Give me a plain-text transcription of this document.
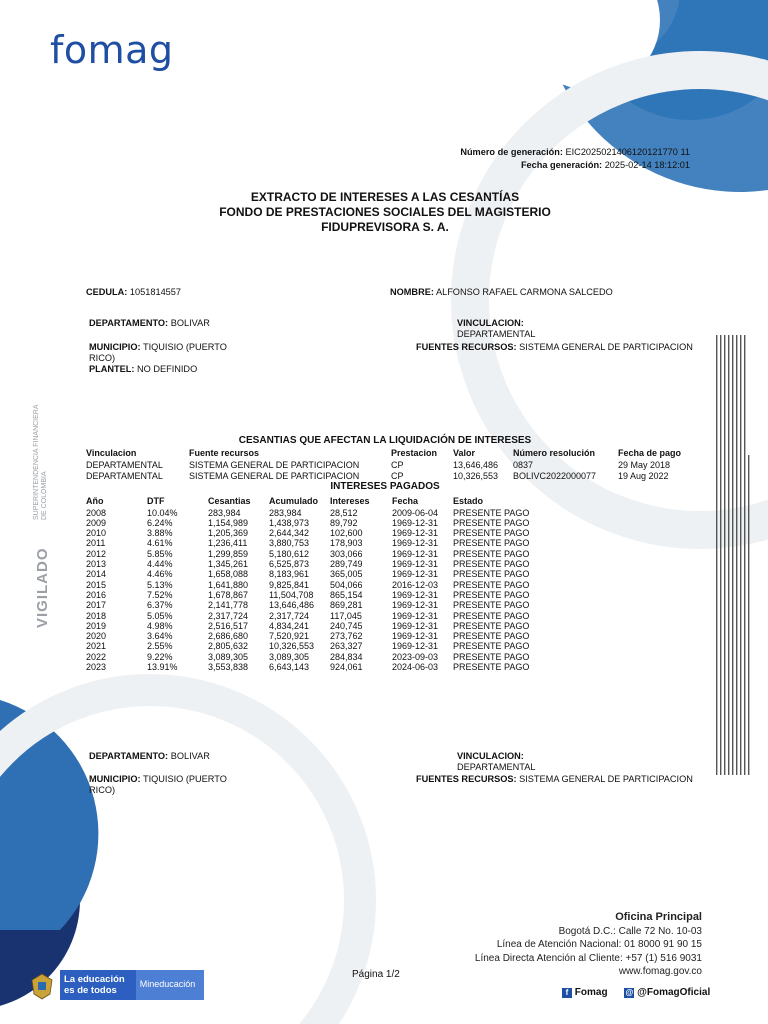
fomag
Número de generación: EIC2025021406120121770 11
Fecha generación: 2025-02-14 18:12:01
EXTRACTO DE INTERESES A LAS CESANTÍAS
FONDO DE PRESTACIONES SOCIALES DEL MAGISTERIO
FIDUPREVISORA S. A.
CEDULA: 1051814557	NOMBRE: ALFONSO RAFAEL CARMONA SALCEDO
DEPARTAMENTO: BOLIVAR	VINCULACION:
DEPARTAMENTAL
MUNICIPIO: TIQUISIO (PUERTO
RICO)
FUENTES RECURSOS: SISTEMA GENERAL DE PARTICIPACION
PLANTEL: NO DEFINIDO
CESANTIAS QUE AFECTAN LA LIQUIDACIÓN DE INTERESES
Vinculacion	Fuente recursos	Prestacion Valor	Número resolución	Fecha de pago
DEPARTAMENTAL	SISTEMA GENERAL DE PARTICIPACION	CP	13,646,486 0837	29 May 2018
DEPARTAMENTAL	SISTEMA GENERAL DE PARTICIPACION	CP	10,326,553 BOLIVC2022000077 19 Aug 2022
INTERESES PAGADOS
Año	DTF	Cesantias Acumulado Intereses Fecha	Estado
2008	10.04%	283,984	283,984	28,512	2009-06-04 PRESENTE PAGO
2009	6.24%	1,154,989 1,438,973 89,792	1969-12-31 PRESENTE PAGO
2010	3.88%	1,205,369 2,644,342 102,600	1969-12-31 PRESENTE PAGO
2011	4.61%	1,236,411 3,880,753 178,903	1969-12-31 PRESENTE PAGO
2012	5.85%	1,299,859 5,180,612 303,066	1969-12-31 PRESENTE PAGO
2013	4.44%	1,345,261 6,525,873 289,749	1969-12-31 PRESENTE PAGO
2014	4.46%	1,658,088 8,183,961 365,005	1969-12-31 PRESENTE PAGO
2015	5.13%	1,641,880 9,825,841 504,066	2016-12-03 PRESENTE PAGO
2016	7.52%	1,678,867 11,504,708 865,154	1969-12-31 PRESENTE PAGO
2017	6.37%	2,141,778 13,646,486 869,281	1969-12-31 PRESENTE PAGO
2018	5.05%	2,317,724 2,317,724 117,045	1969-12-31 PRESENTE PAGO
2019	4.98%	2,516,517 4,834,241 240,745	1969-12-31 PRESENTE PAGO
2020	3.64%	2,686,680 7,520,921 273,762	1969-12-31 PRESENTE PAGO
2021	2.55%	2,805,632 10,326,553 263,327	1969-12-31 PRESENTE PAGO
2022	9.22%	3,089,305 3,089,305 284,834	2023-09-03 PRESENTE PAGO
2023	13.91%	3,553,838 6,643,143 924,061	2024-06-03 PRESENTE PAGO
DEPARTAMENTO: BOLIVAR	VINCULACION:
DEPARTAMENTAL
MUNICIPIO: TIQUISIO (PUERTO
RICO)
FUENTES RECURSOS: SISTEMA GENERAL DE PARTICIPACION
VIGILADO
SUPERINTENDENCIA FINANCIERA DE COLOMBIA
Página 1/2
Oficina Principal
Bogotá D.C.: Calle 72 No. 10-03
Línea de Atención Nacional: 01 8000 91 90 15
Línea Directa Atención al Cliente: +57 (1) 516 9031
www.fomag.gov.co
f Fomag @ @FomagOficial
La educación
es de todos
Mineducación
